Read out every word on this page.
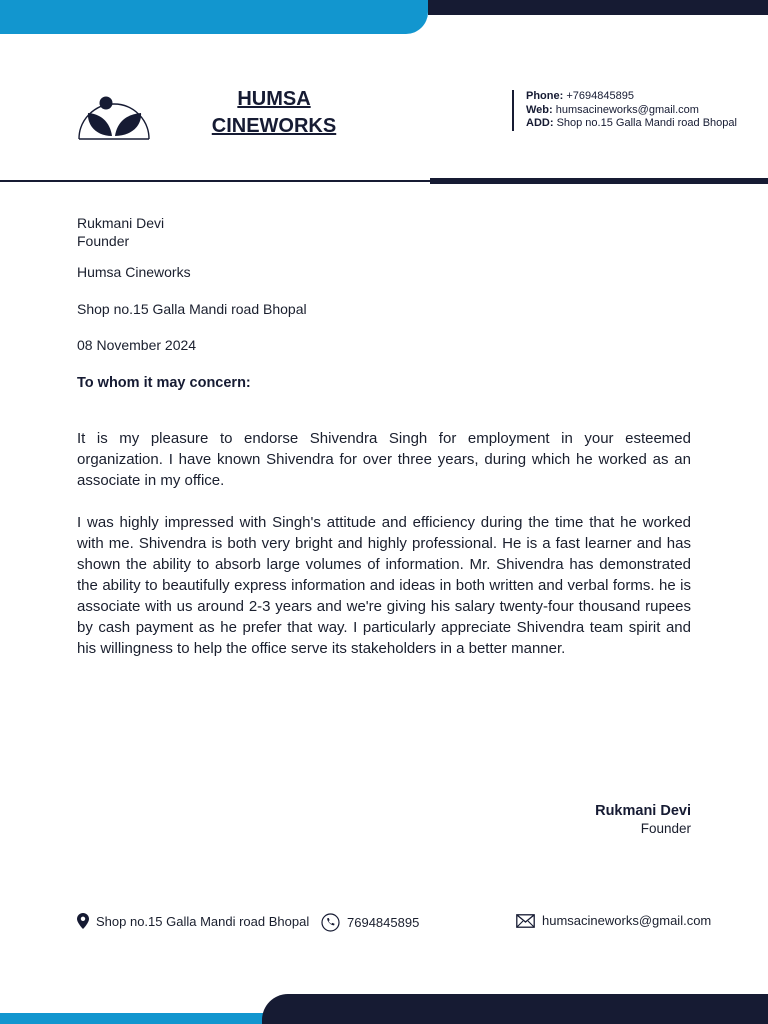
HUMSA
CINEWORKS
Phone: +7694845895
Web: humsacineworks@gmail.com
ADD: Shop no.15 Galla Mandi road Bhopal
Rukmani Devi
Founder
Humsa Cineworks
Shop no.15 Galla Mandi road Bhopal
08 November 2024
To whom it may concern:
It is my pleasure to endorse Shivendra Singh for employment in your esteemed organization. I have known Shivendra for over three years, during which he worked as an associate in my office.
I was highly impressed with Singh's attitude and efficiency during the time that he worked with me. Shivendra is both very bright and highly professional. He is a fast learner and has shown the ability to absorb large volumes of information. Mr. Shivendra has demonstrated the ability to beautifully express information and ideas in both written and verbal forms. he is associate with us around 2-3 years and we're giving his salary twenty-four thousand rupees by cash payment as he prefer that way. I particularly appreciate Shivendra team spirit and his willingness to help the office serve its stakeholders in a better manner.
Rukmani Devi
Founder
Shop no.15 Galla Mandi road Bhopal	7694845895	humsacineworks@gmail.com
